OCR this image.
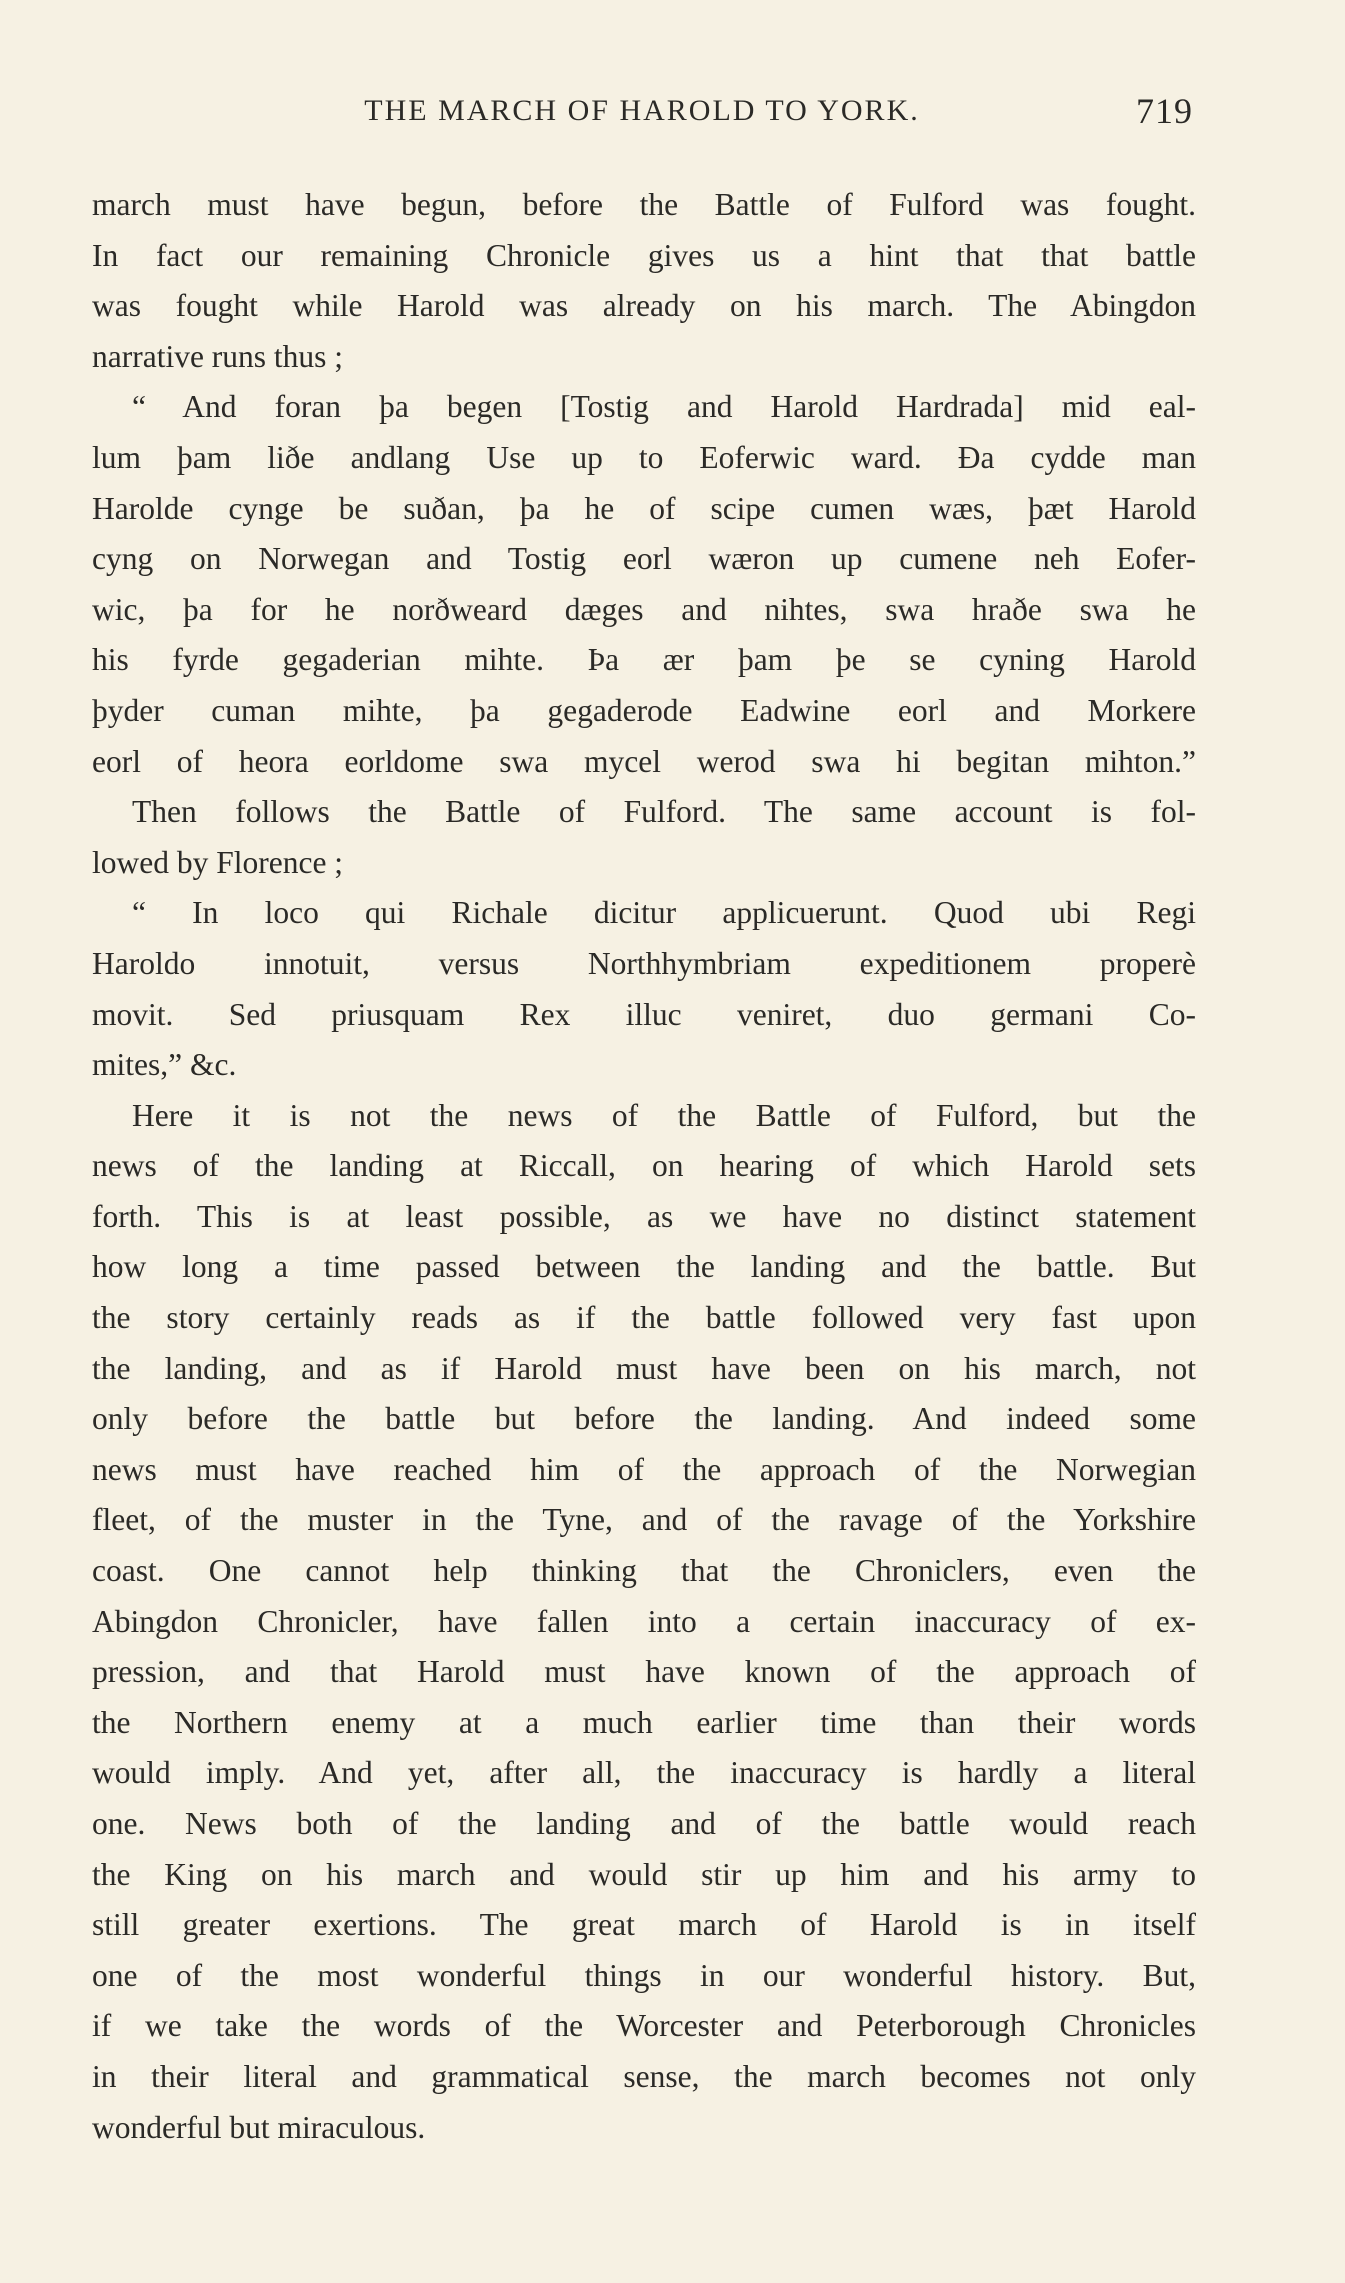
THE MARCH OF HAROLD TO YORK.	719
march must have begun, before the Battle of Fulford was fought.
In fact our remaining Chronicle gives us a hint that that battle
was fought while Harold was already on his march. The Abingdon
narrative runs thus ;
“ And foran þa begen [Tostig and Harold Hardrada] mid eal-
lum þam liðe andlang Use up to Eoferwic ward. Ða cydde man
Harolde cynge be suðan, þa he of scipe cumen wæs, þæt Harold
cyng on Norwegan and Tostig eorl wæron up cumene neh Eofer-
wic, þa for he norðweard dæges and nihtes, swa hraðe swa he
his fyrde gegaderian mihte. Þa ær þam þe se cyning Harold
þyder cuman mihte, þa gegaderode Eadwine eorl and Morkere
eorl of heora eorldome swa mycel werod swa hi begitan mihton.”
Then follows the Battle of Fulford. The same account is fol-
lowed by Florence ;
“ In loco qui Richale dicitur applicuerunt. Quod ubi Regi
Haroldo innotuit, versus Northhymbriam expeditionem properè
movit. Sed priusquam Rex illuc veniret, duo germani Co-
mites,” &c.
Here it is not the news of the Battle of Fulford, but the
news of the landing at Riccall, on hearing of which Harold sets
forth. This is at least possible, as we have no distinct statement
how long a time passed between the landing and the battle. But
the story certainly reads as if the battle followed very fast upon
the landing, and as if Harold must have been on his march, not
only before the battle but before the landing. And indeed some
news must have reached him of the approach of the Norwegian
fleet, of the muster in the Tyne, and of the ravage of the Yorkshire
coast. One cannot help thinking that the Chroniclers, even the
Abingdon Chronicler, have fallen into a certain inaccuracy of ex-
pression, and that Harold must have known of the approach of
the Northern enemy at a much earlier time than their words
would imply. And yet, after all, the inaccuracy is hardly a literal
one. News both of the landing and of the battle would reach
the King on his march and would stir up him and his army to
still greater exertions. The great march of Harold is in itself
one of the most wonderful things in our wonderful history. But,
if we take the words of the Worcester and Peterborough Chronicles
in their literal and grammatical sense, the march becomes not only
wonderful but miraculous.
